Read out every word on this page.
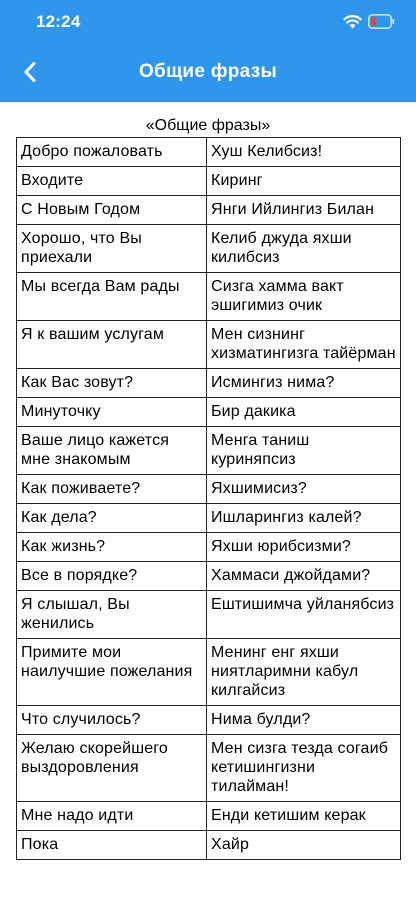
12:24
Общие фразы
«Общие фразы»
Добро пожаловать	Хуш Келибсиз!
Входите	Киринг
С Новым Годом	Янги Ийлингиз Билан
Хорошо, что Вы приехали	Келиб джуда яхши килибсиз
Мы всегда Вам рады	Сизга хамма вакт эшигимиз очик
Я к вашим услугам	Мен сизнинг хизматингизга тайёрман
Как Вас зовут?	Исмингиз нима?
Минуточку	Бир дакика
Ваше лицо кажется мне знакомым	Менга таниш куриняпсиз
Как поживаете?	Яхшимисиз?
Как дела?	Ишларингиз калей?
Как жизнь?	Яхши юрибсизми?
Все в порядке?	Хаммаси джойдами?
Я слышал, Вы женились	Ештишимча уйланябсиз
Примите мои наилучшие пожелания	Менинг енг яхши ниятларимни кабул килгайсиз
Что случилось?	Нима булди?
Желаю скорейшего выздоровления	Мен сизга тезда согаиб кетишингизни тилайман!
Мне надо идти	Енди кетишим керак
Пока	Хайр
